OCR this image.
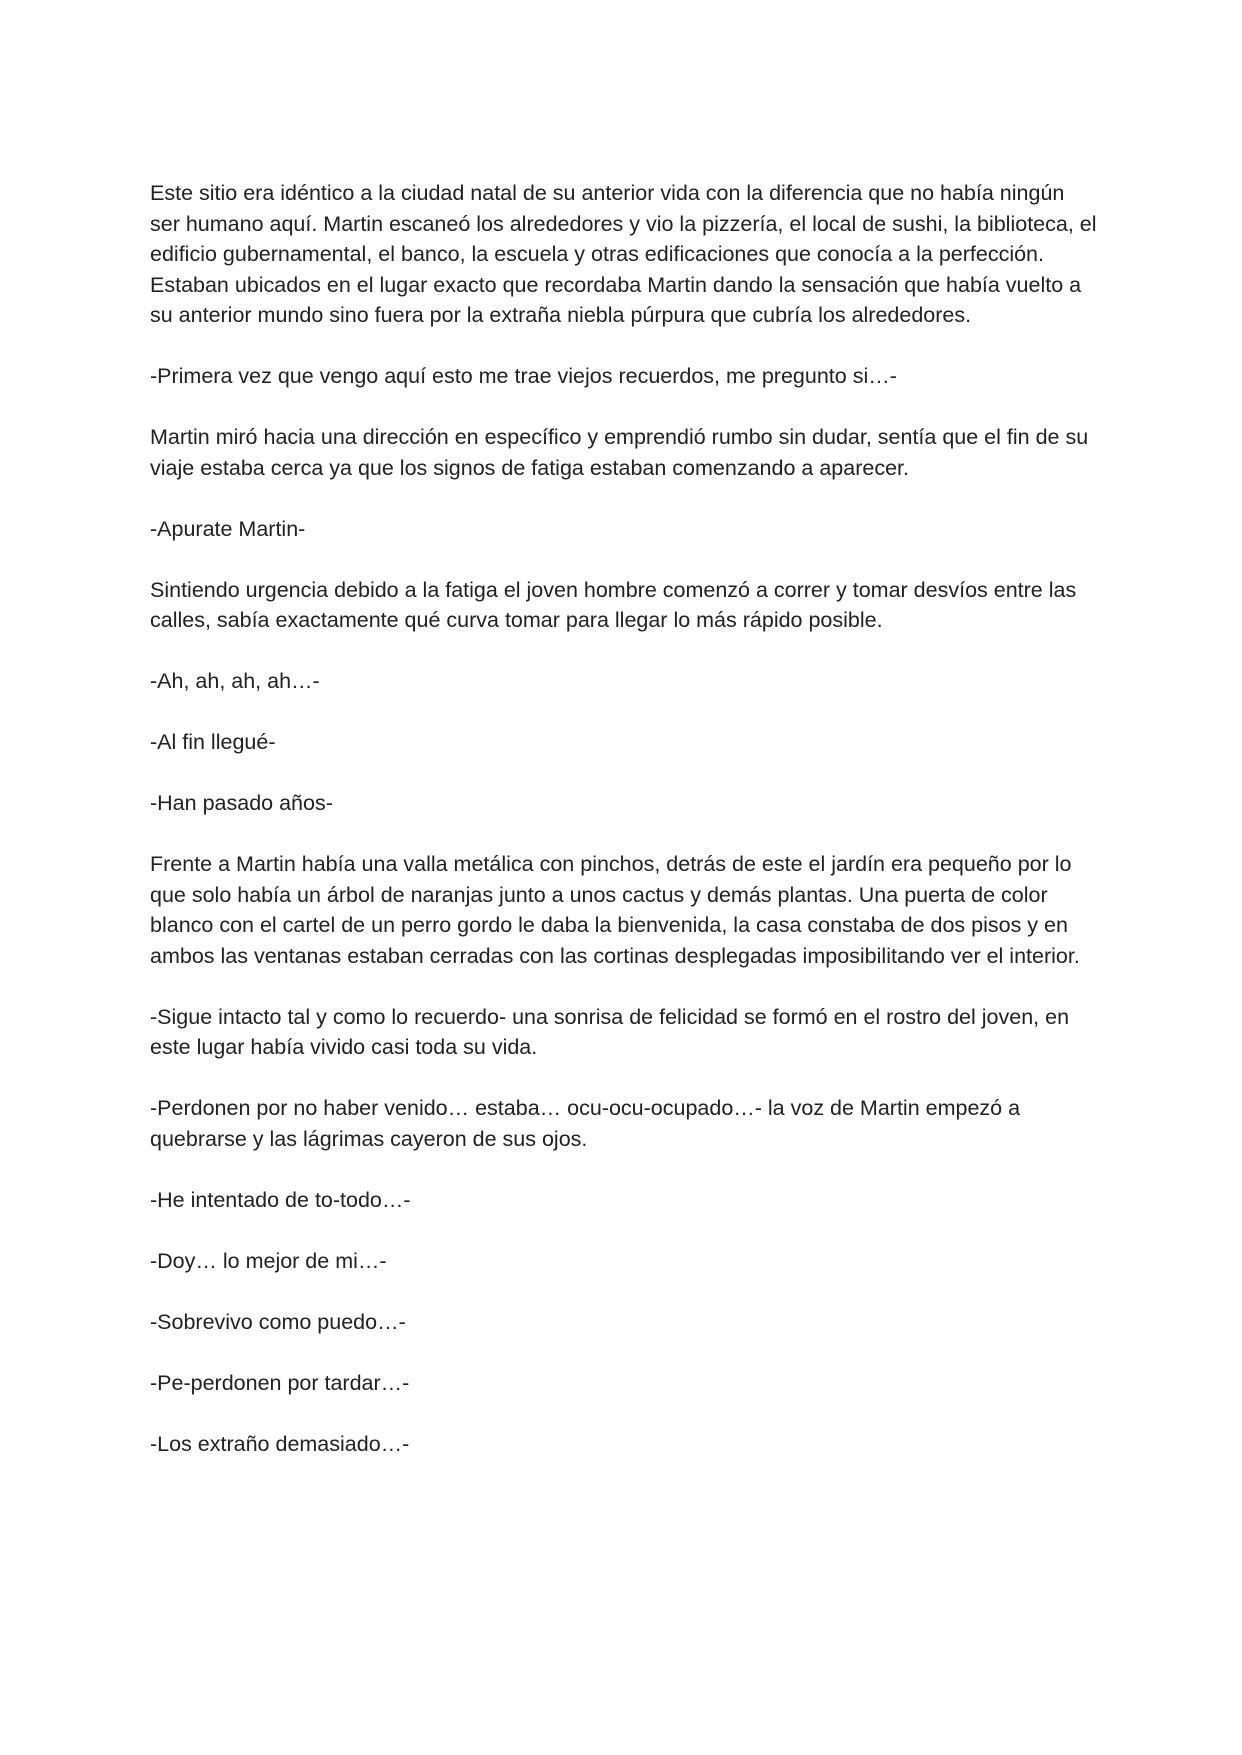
Este sitio era idéntico a la ciudad natal de su anterior vida con la diferencia que no había ningún ser humano aquí. Martin escaneó los alrededores y vio la pizzería, el local de sushi, la biblioteca, el edificio gubernamental, el banco, la escuela y otras edificaciones que conocía a la perfección. Estaban ubicados en el lugar exacto que recordaba Martin dando la sensación que había vuelto a su anterior mundo sino fuera por la extraña niebla púrpura que cubría los alrededores.

-Primera vez que vengo aquí esto me trae viejos recuerdos, me pregunto si…-

Martin miró hacia una dirección en específico y emprendió rumbo sin dudar, sentía que el fin de su viaje estaba cerca ya que los signos de fatiga estaban comenzando a aparecer.

-Apurate Martin-

Sintiendo urgencia debido a la fatiga el joven hombre comenzó a correr y tomar desvíos entre las calles, sabía exactamente qué curva tomar para llegar lo más rápido posible.

-Ah, ah, ah, ah…-

-Al fin llegué-

-Han pasado años-

Frente a Martin había una valla metálica con pinchos, detrás de este el jardín era pequeño por lo que solo había un árbol de naranjas junto a unos cactus y demás plantas. Una puerta de color blanco con el cartel de un perro gordo le daba la bienvenida, la casa constaba de dos pisos y en ambos las ventanas estaban cerradas con las cortinas desplegadas imposibilitando ver el interior.

-Sigue intacto tal y como lo recuerdo- una sonrisa de felicidad se formó en el rostro del joven, en este lugar había vivido casi toda su vida.

-Perdonen por no haber venido… estaba… ocu-ocu-ocupado…- la voz de Martin empezó a quebrarse y las lágrimas cayeron de sus ojos.

-He intentado de to-todo…-

-Doy… lo mejor de mi…-

-Sobrevivo como puedo…-

-Pe-perdonen por tardar…-

-Los extraño demasiado…-
